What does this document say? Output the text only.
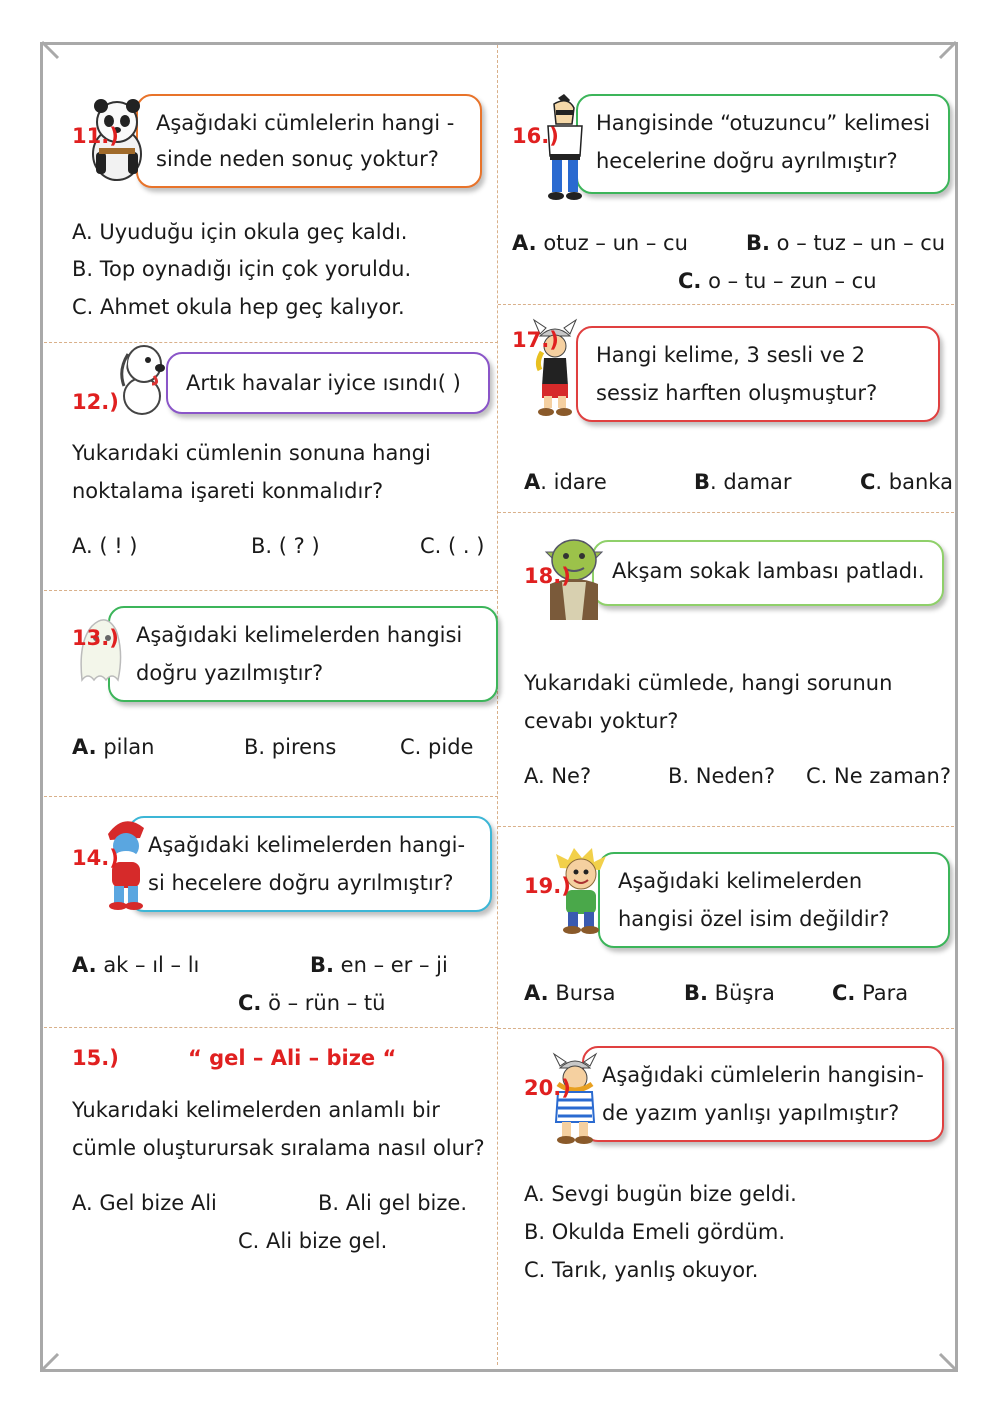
11.)
Aşağıdaki cümlelerin hangi -
sinde neden sonuç yoktur?
A. Uyuduğu için okula geç kaldı.
B. Top oynadığı için çok yoruldu.
C. Ahmet okula hep geç kalıyor.
12.)
Artık havalar iyice ısındı( )
Yukarıdaki cümlenin sonuna hangi
noktalama işareti konmalıdır?
A. ( ! )	B. ( ? )	C. ( . )
13.) Aşağıdaki kelimelerden hangisi
doğru yazılmıştır?
A. pilan	B. pirens	C. pide
14.)
Aşağıdaki kelimelerden hangi-
si hecelere doğru ayrılmıştır?
A. ak – ıl – lı	B. en – er – ji
C. ö – rün – tü
15.)	“ gel – Ali – bize “
Yukarıdaki kelimelerden anlamlı bir
cümle oluşturursak sıralama nasıl olur?
A. Gel bize Ali	B. Ali gel bize.
C. Ali bize gel.
16.)
Hangisinde “otuzuncu” kelimesi
hecelerine doğru ayrılmıştır?
A. otuz – un – cu	B. o – tuz – un – cu
C. o – tu – zun – cu
17.)
Hangi kelime, 3 sesli ve 2
sessiz harften oluşmuştur?
A. idare	B. damar	C. banka
18.)	Akşam sokak lambası patladı.
Yukarıdaki cümlede, hangi sorunun
cevabı yoktur?
A. Ne?	B. Neden? C. Ne zaman?
19.) Aşağıdaki kelimelerden
hangisi özel isim değildir?
A. Bursa	B. Büşra	C. Para
20.)
Aşağıdaki cümlelerin hangisin-
de yazım yanlışı yapılmıştır?
A. Sevgi bugün bize geldi.
B. Okulda Emeli gördüm.
C. Tarık, yanlış okuyor.
